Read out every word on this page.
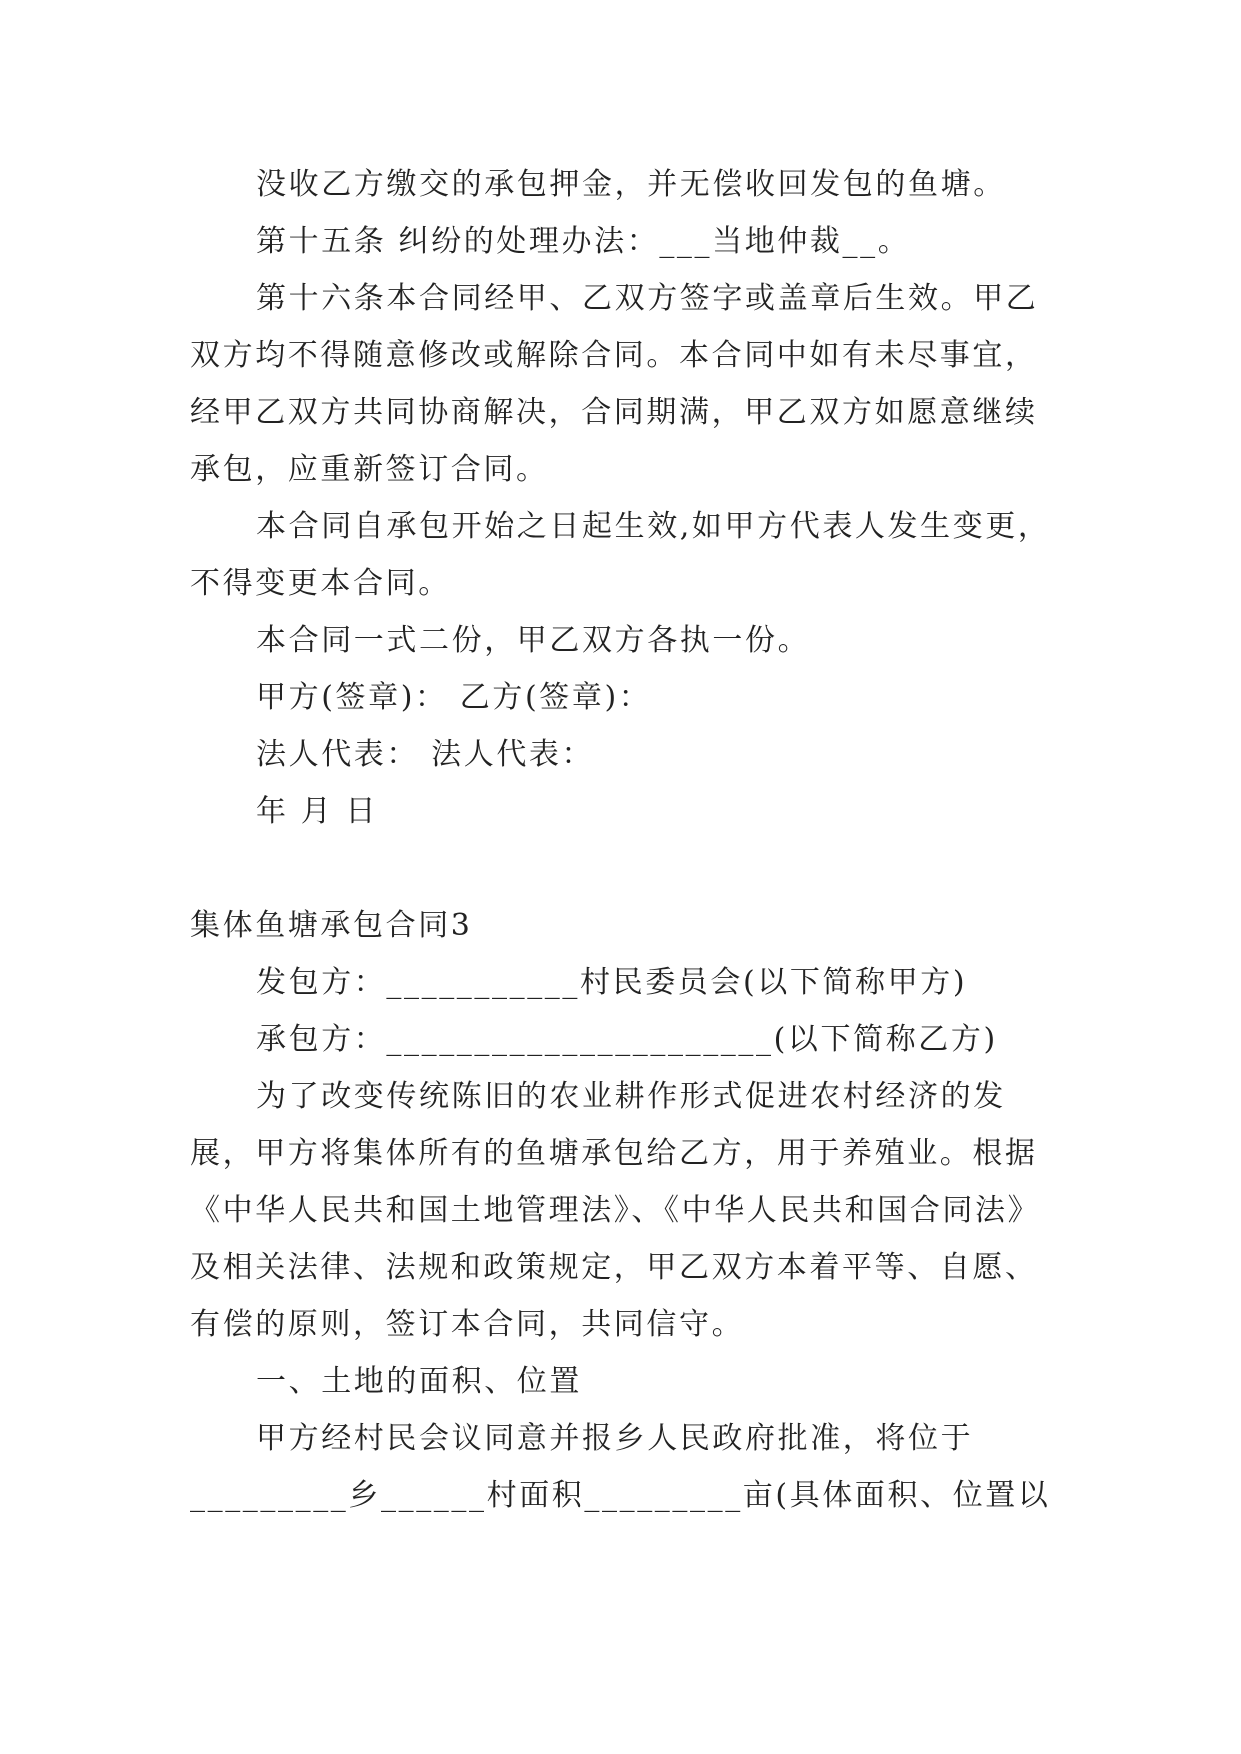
没收乙方缴交的承包押金，并无偿收回发包的鱼塘。
第十五条 纠纷的处理办法：___当地仲裁__。
第十六条本合同经甲、乙双方签字或盖章后生效。甲乙
双方均不得随意修改或解除合同。本合同中如有未尽事宜，
经甲乙双方共同协商解决，合同期满，甲乙双方如愿意继续
承包，应重新签订合同。
本合同自承包开始之日起生效,如甲方代表人发生变更，
不得变更本合同。
本合同一式二份，甲乙双方各执一份。
甲方(签章)： 乙方(签章)：
法人代表： 法人代表：
年 月 日
集体鱼塘承包合同3
发包方：___________村民委员会(以下简称甲方)
承包方：______________________(以下简称乙方)
为了改变传统陈旧的农业耕作形式促进农村经济的发
展，甲方将集体所有的鱼塘承包给乙方，用于养殖业。根据
《中华人民共和国土地管理法》、《中华人民共和国合同法》
及相关法律、法规和政策规定，甲乙双方本着平等、自愿、
有偿的原则，签订本合同，共同信守。
一、土地的面积、位置
甲方经村民会议同意并报乡人民政府批准，将位于
_________乡______村面积_________亩(具体面积、位置以
